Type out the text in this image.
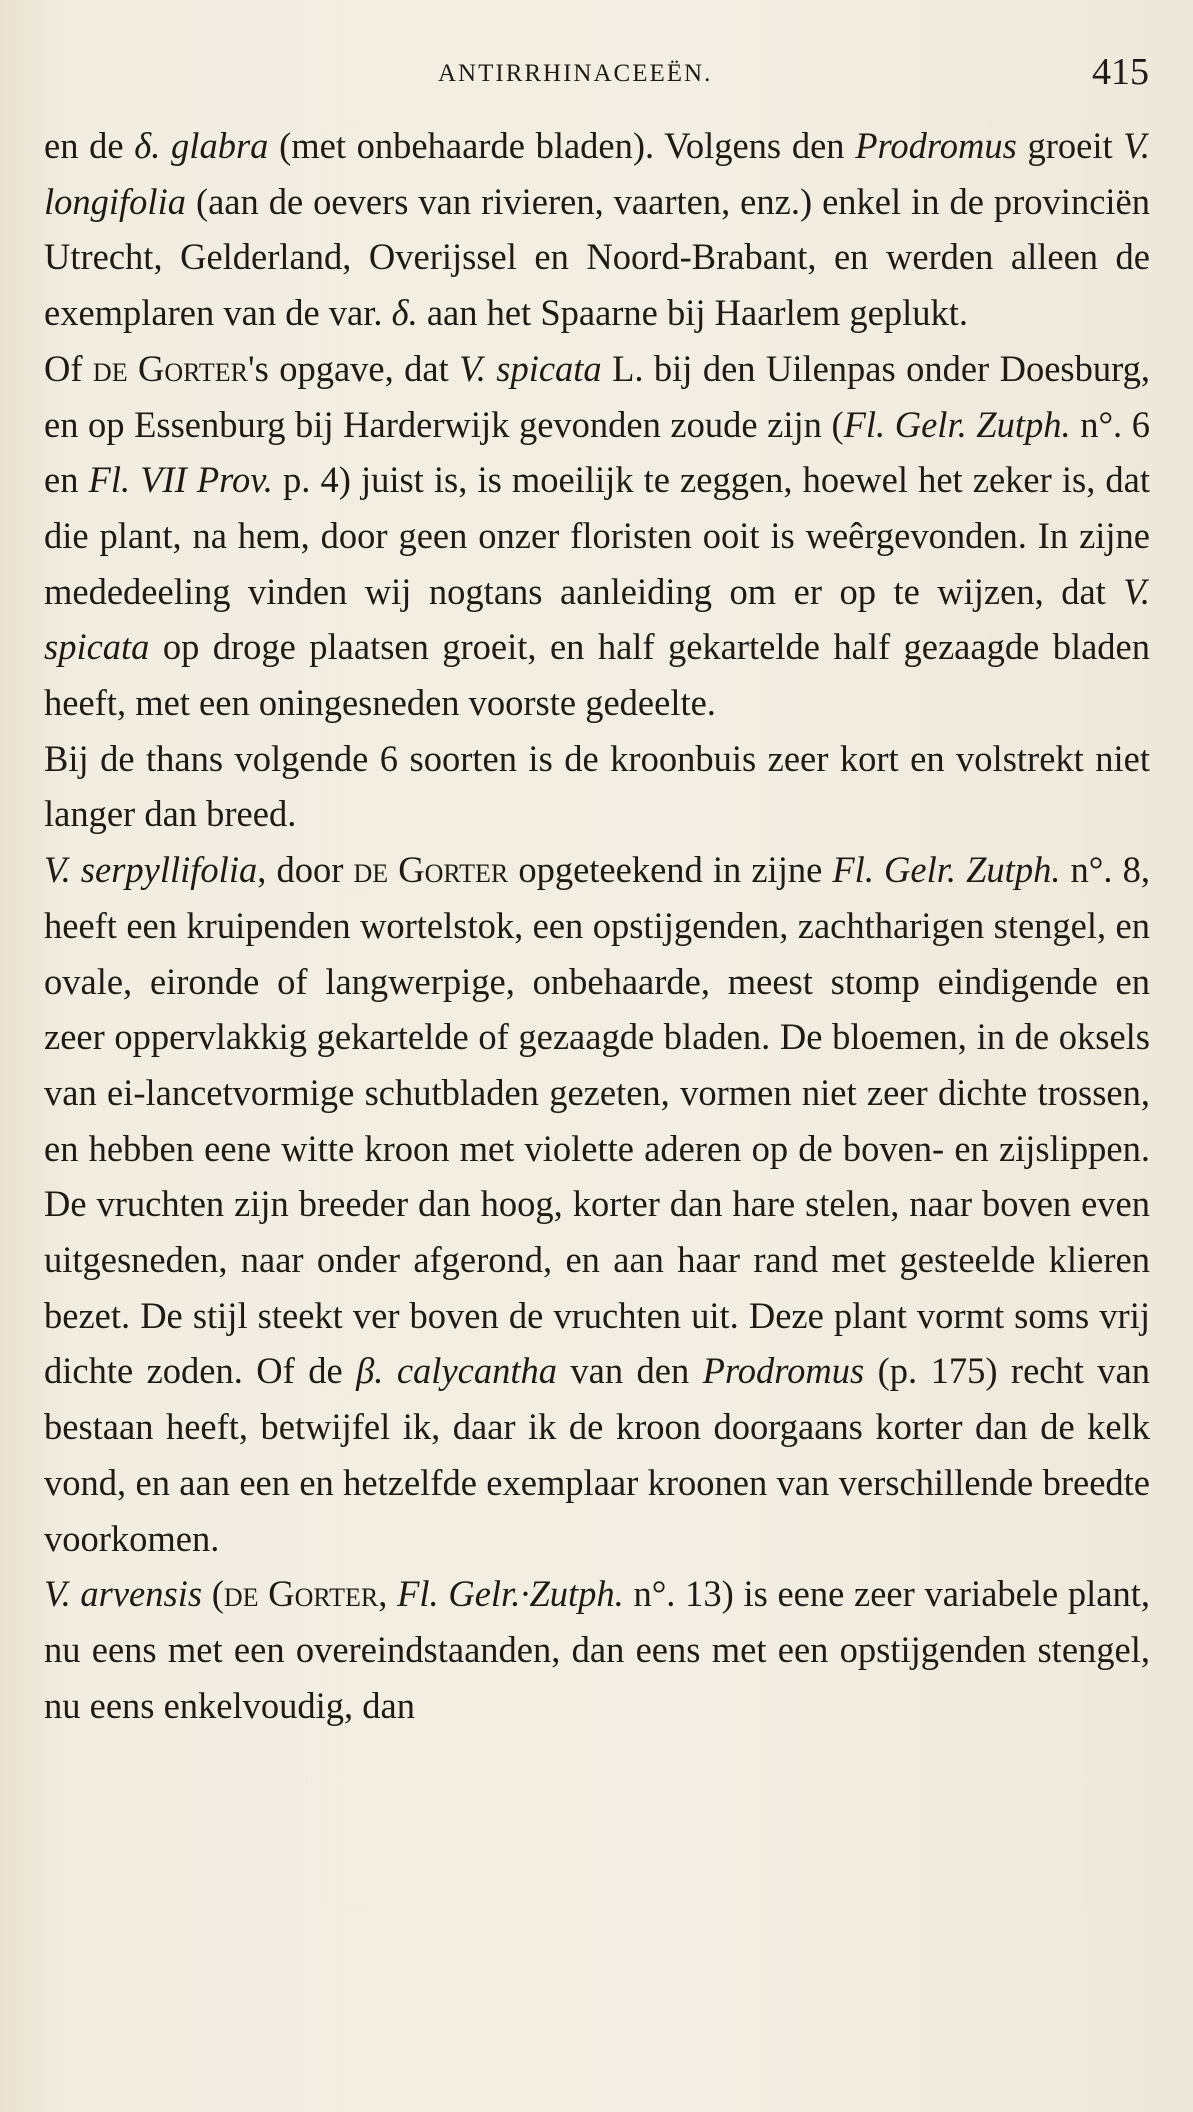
ANTIRRHINACEEËN.	415

en de δ. glabra (met onbehaarde bladen). Volgens den Prodromus groeit V. longifolia (aan de oevers van rivieren, vaarten, enz.) enkel in de provinciën Utrecht, Gelderland, Overijssel en Noord-Brabant, en werden alleen de exemplaren van de var. δ. aan het Spaarne bij Haarlem geplukt.

Of de Gorter's opgave, dat V. spicata L. bij den Uilenpas onder Doesburg, en op Essenburg bij Harderwijk gevonden zoude zijn (Fl. Gelr. Zutph. n°. 6 en Fl. VII Prov. p. 4) juist is, is moeilijk te zeggen, hoewel het zeker is, dat die plant, na hem, door geen onzer floristen ooit is weêrgevonden. In zijne mededeeling vinden wij nogtans aanleiding om er op te wijzen, dat V. spicata op droge plaatsen groeit, en half gekartelde half gezaagde bladen heeft, met een oningesneden voorste gedeelte.

Bij de thans volgende 6 soorten is de kroonbuis zeer kort en volstrekt niet langer dan breed.

V. serpyllifolia, door de Gorter opgeteekend in zijne Fl. Gelr. Zutph. n°. 8, heeft een kruipenden wortelstok, een opstijgenden, zachtharigen stengel, en ovale, eironde of langwerpige, onbehaarde, meest stomp eindigende en zeer oppervlakkig gekartelde of gezaagde bladen. De bloemen, in de oksels van ei-lancetvormige schutbladen gezeten, vormen niet zeer dichte trossen, en hebben eene witte kroon met violette aderen op de boven- en zijslippen. De vruchten zijn breeder dan hoog, korter dan hare stelen, naar boven even uitgesneden, naar onder afgerond, en aan haar rand met gesteelde klieren bezet. De stijl steekt ver boven de vruchten uit. Deze plant vormt soms vrij dichte zoden. Of de β. calycantha van den Prodromus (p. 175) recht van bestaan heeft, betwijfel ik, daar ik de kroon doorgaans korter dan de kelk vond, en aan een en hetzelfde exemplaar kroonen van verschillende breedte voorkomen.

V. arvensis (de Gorter, Fl. Gelr.·Zutph. n°. 13) is eene zeer variabele plant, nu eens met een overeindstaanden, dan eens met een opstijgenden stengel, nu eens enkelvoudig, dan
